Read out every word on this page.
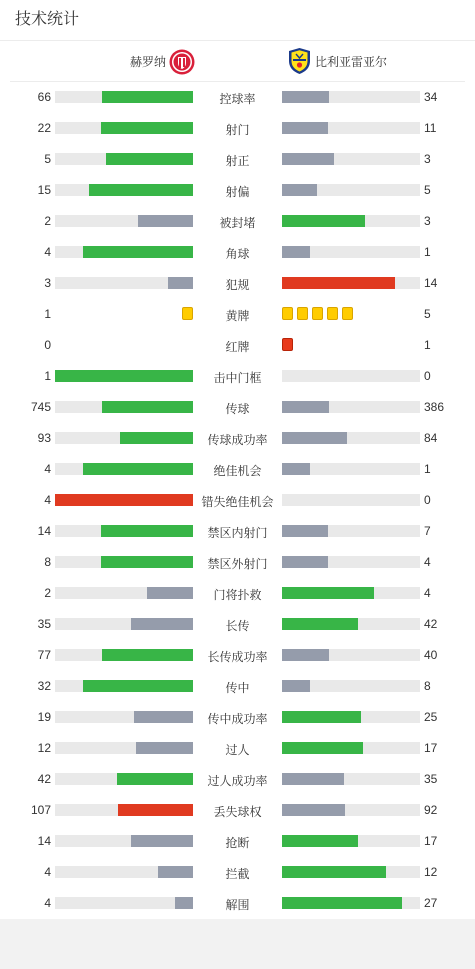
技术统计
赫罗纳	比利亚雷亚尔
66	控球率	34
22	射门	11
5	射正	3
15	射偏	5
2	被封堵	3
4	角球	1
3	犯规	14
1	黄牌	5
0	红牌	1
1	击中门框	0
745	传球	386
93	传球成功率	84
4	绝佳机会	1
4	错失绝佳机会	0
14	禁区内射门	7
8	禁区外射门	4
2	门将扑救	4
35	长传	42
77	长传成功率	40
32	传中	8
19	传中成功率	25
12	过人	17
42	过人成功率	35
107	丢失球权	92
14	抢断	17
4	拦截	12
4	解围	27
